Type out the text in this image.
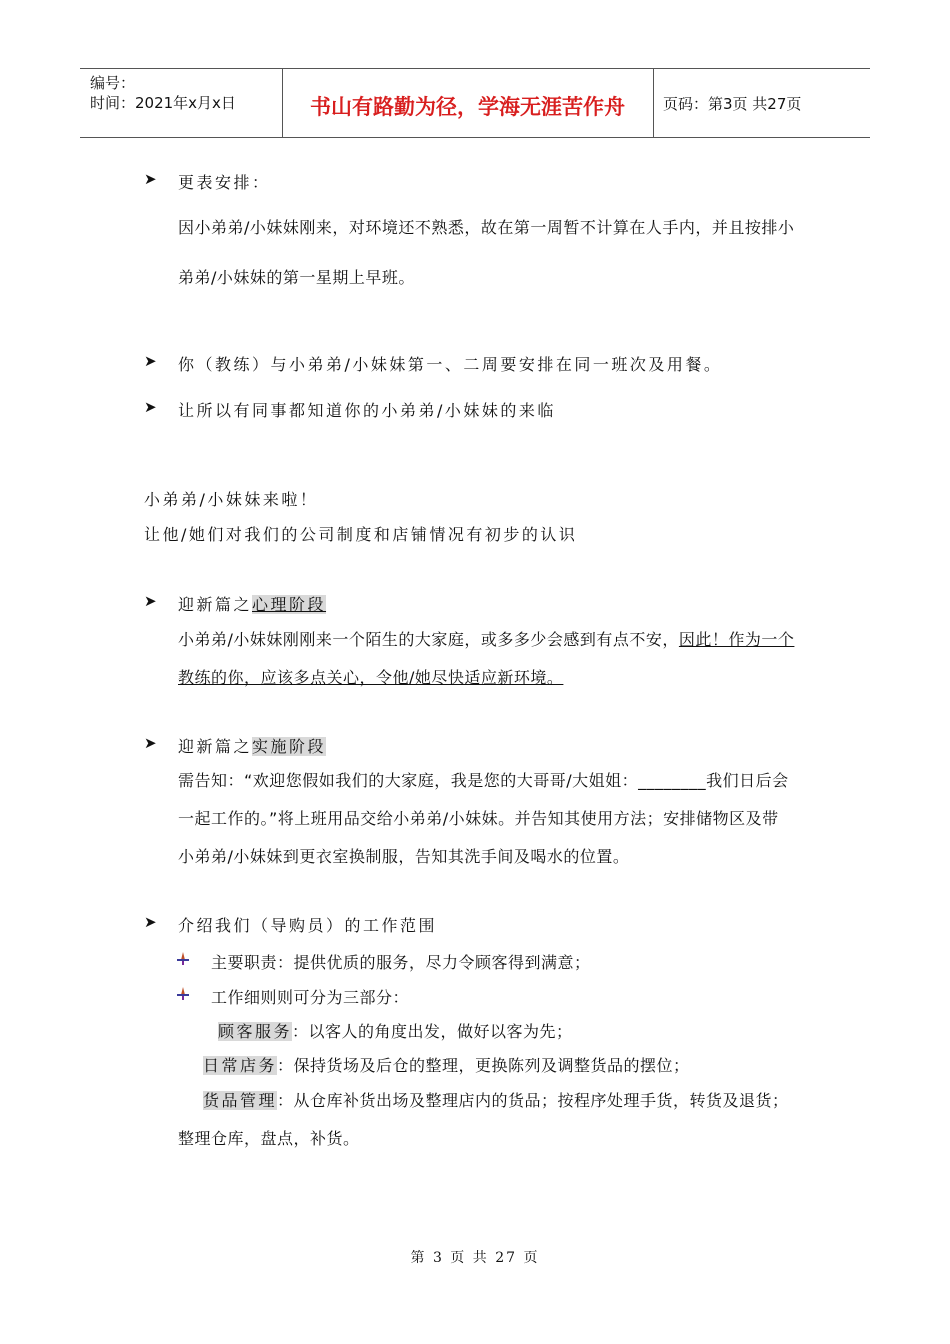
编号：
时间：2021年x月x日	书山有路勤为径，学海无涯苦作舟	页码：第3页 共27页
➤ 更表安排：
因小弟弟/小妹妹刚来，对环境还不熟悉，故在第一周暂不计算在人手内，并且按排小
弟弟/小妹妹的第一星期上早班。
➤ 你（教练）与小弟弟/小妹妹第一、二周要安排在同一班次及用餐。
➤ 让所以有同事都知道你的小弟弟/小妹妹的来临
小弟弟/小妹妹来啦！
让他/她们对我们的公司制度和店铺情况有初步的认识
➤ 迎新篇之心理阶段
小弟弟/小妹妹刚刚来一个陌生的大家庭，或多多少会感到有点不安，因此！作为一个
教练的你，应该多点关心，令他/她尽快适应新环境。
➤ 迎新篇之实施阶段
需告知：“欢迎您假如我们的大家庭，我是您的大哥哥/大姐姐：________我们日后会
一起工作的。”将上班用品交给小弟弟/小妹妹。并告知其使用方法；安排储物区及带
小弟弟/小妹妹到更衣室换制服，告知其洗手间及喝水的位置。
➤ 介绍我们（导购员）的工作范围
主要职责：提供优质的服务，尽力令顾客得到满意；
工作细则则可分为三部分：
顾客服务：以客人的角度出发，做好以客为先；
日常店务：保持货场及后仓的整理，更换陈列及调整货品的摆位；
货品管理：从仓库补货出场及整理店内的货品；按程序处理手货，转货及退货；
整理仓库，盘点，补货。
第 3 页 共 27 页
